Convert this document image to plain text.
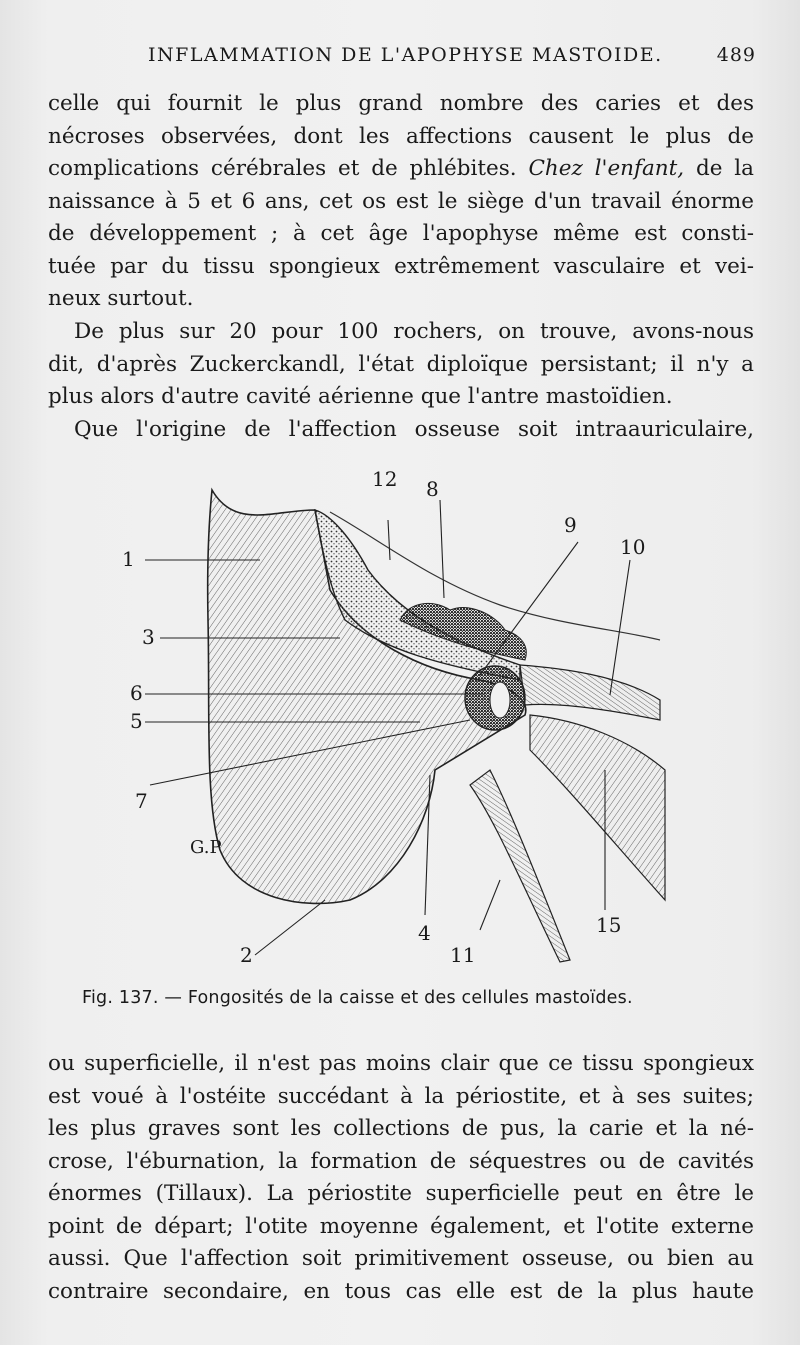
INFLAMMATION DE L'APOPHYSE MASTOIDE.	489
celle qui fournit le plus grand nombre des caries et des
nécroses observées, dont les affections causent le plus de
complications cérébrales et de phlébites. Chez l'enfant, de la
naissance à 5 et 6 ans, cet os est le siège d'un travail énorme
de développement ; à cet âge l'apophyse même est consti-
tuée par du tissu spongieux extrêmement vasculaire et vei-
neux surtout.
De plus sur 20 pour 100 rochers, on trouve, avons-nous
dit, d'après Zuckerckandl, l'état diploïque persistant; il n'y a
plus alors d'autre cavité aérienne que l'antre mastoïdien.
Que l'origine de l'affection osseuse soit intraauriculaire,
1
2
3
4
5
6
7
8
9
10
11
12
15
G.P
Fig. 137. — Fongosités de la caisse et des cellules mastoïdes.
ou superficielle, il n'est pas moins clair que ce tissu spongieux
est voué à l'ostéite succédant à la périostite, et à ses suites;
les plus graves sont les collections de pus, la carie et la né-
crose, l'éburnation, la formation de séquestres ou de cavités
énormes (Tillaux). La périostite superficielle peut en être le
point de départ; l'otite moyenne également, et l'otite externe
aussi. Que l'affection soit primitivement osseuse, ou bien au
contraire secondaire, en tous cas elle est de la plus haute
